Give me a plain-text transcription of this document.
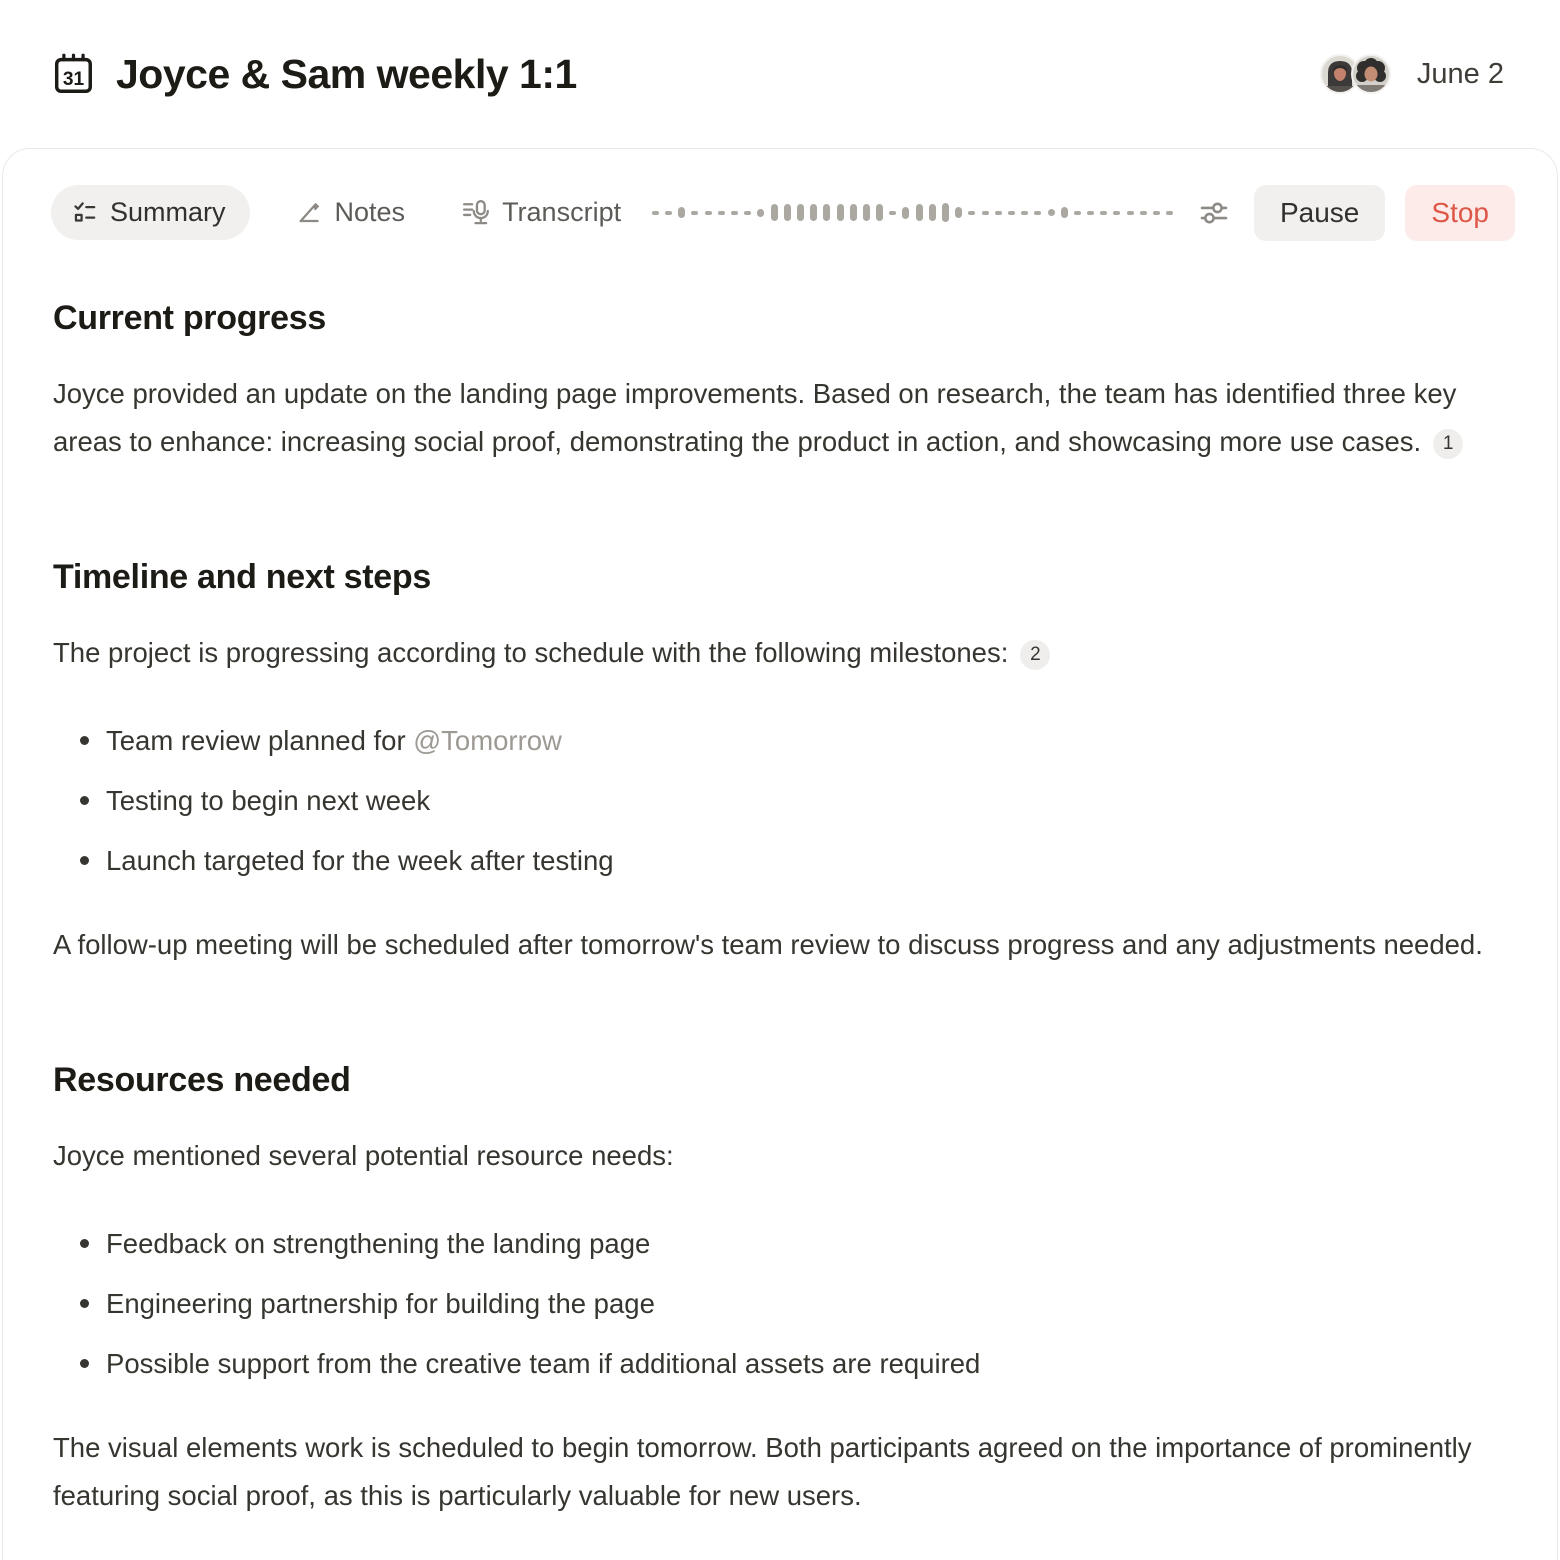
31 Joyce & Sam weekly 1:1	June 2
Summary	Notes	Transcript	Pause	Stop
Current progress

Joyce provided an update on the landing page improvements. Based on research, the team has identified three key areas to enhance: increasing social proof, demonstrating the product in action, and showcasing more use cases. 1

Timeline and next steps

The project is progressing according to schedule with the following milestones: 2

Team review planned for @Tomorrow
Testing to begin next week
Launch targeted for the week after testing

A follow-up meeting will be scheduled after tomorrow's team review to discuss progress and any adjustments needed.

Resources needed

Joyce mentioned several potential resource needs:

Feedback on strengthening the landing page
Engineering partnership for building the page
Possible support from the creative team if additional assets are required

The visual elements work is scheduled to begin tomorrow. Both participants agreed on the importance of prominently featuring social proof, as this is particularly valuable for new users.
